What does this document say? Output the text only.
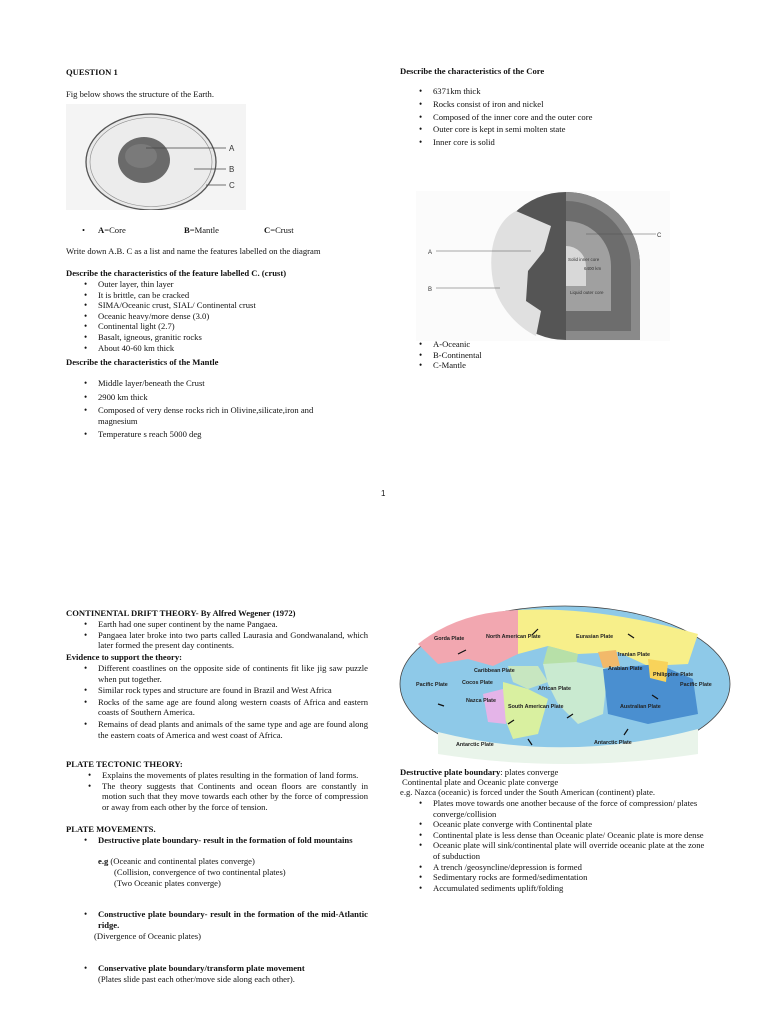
QUESTION 1
Fig below shows the structure of the Earth.
A
B
C
• A=Core	B=Mantle	C=Crust
Write down A.B. C as a list and name the features labelled on the diagram
Describe the characteristics of the feature labelled C. (crust)
• Outer layer, thin layer
• It is brittle, can be cracked
• SIMA/Oceanic crust, SIAL/ Continental crust
• Oceanic heavy/more dense (3.0)
• Continental light (2.7)
• Basalt, igneous, granitic rocks
• About 40-60 km thick
Describe the characteristics of the Mantle
• Middle layer/beneath the Crust
• 2900 km thick
• Composed of very dense rocks rich in Olivine,silicate,iron and magnesium
• Temperature s reach 5000 deg
Describe the characteristics of the Core
• 6371km thick
• Rocks consist of iron and nickel
• Composed of the inner core and the outer core
• Outer core is kept in semi molten state
• Inner core is solid
A
B
C
Solid inner core
6400 km
Liquid outer core
• A-Oceanic
• B-Continental
• C-Mantle
1
CONTINENTAL DRIFT THEORY- By Alfred Wegener (1972)
• Earth had one super continent by the name Pangaea.
• Pangaea later broke into two parts called Laurasia and Gondwanaland, which later formed the present day continents.
Evidence to support the theory:
• Different coastlines on the opposite side of continents fit like jig saw puzzle when put together.
• Similar rock types and structure are found in Brazil and West Africa
• Rocks of the same age are found along western coasts of Africa and eastern coasts of Southern America.
• Remains of dead plants and animals of the same type and age are found along the eastern coats of America and west coast of Africa.
PLATE TECTONIC THEORY:
• Explains the movements of plates resulting in the formation of land forms.
• The theory suggests that Continents and ocean floors are constantly in motion such that they move towards each other by the force of compression or away from each other by the force of tension.
PLATE MOVEMENTS.
• Destructive plate boundary- result in the formation of fold mountains
e.g (Oceanic and continental plates converge)
(Collision, convergence of two continental plates)
(Two Oceanic plates converge)
• Constructive plate boundary- result in the formation of the mid-Atlantic ridge.
(Divergence of Oceanic plates)
• Conservative plate boundary/transform plate movement
(Plates slide past each other/move side along each other).
Gorda Plate	North American Plate	Eurasian Plate
Caribbean Plate
Iranian Plate
Arabian Plate
Pacific Plate	Cocos Plate
African Plate
Philippine Plate
Pacific Plate
Nazca Plate
South American Plate	Australian Plate
Antarctic Plate	Antarctic Plate
Destructive plate boundary: plates converge
Continental plate and Oceanic plate converge
e.g. Nazca (oceanic) is forced under the South American (continent) plate.
• Plates move towards one another because of the force of compression/ plates converge/collision
• Oceanic plate converge with Continental plate
• Continental plate is less dense than Oceanic plate/ Oceanic plate is more dense
• Oceanic plate will sink/continental plate will override oceanic plate at the zone of subduction
• A trench /geosyncline/depression is formed
• Sedimentary rocks are formed/sedimentation
• Accumulated sediments uplift/folding
